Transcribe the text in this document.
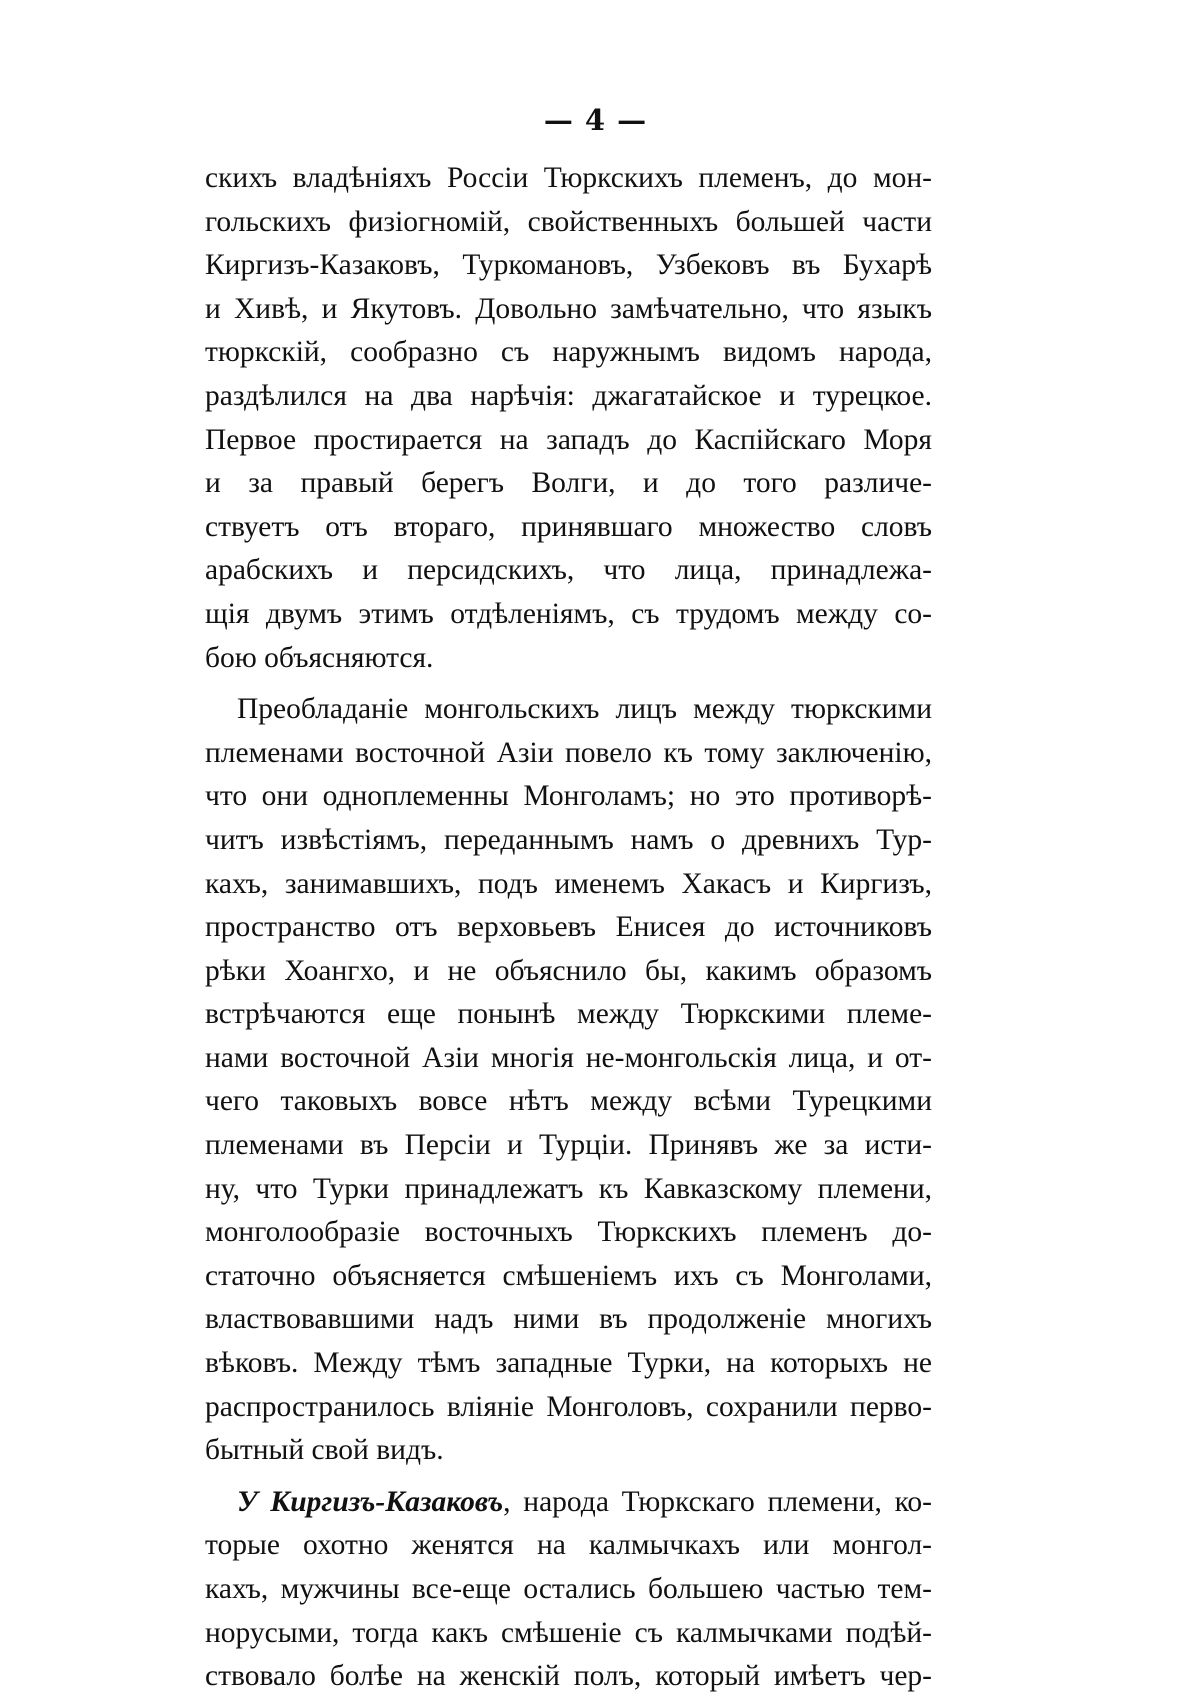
— 4 —
скихъ владѣніяхъ Россіи Тюркскихъ племенъ, до мон-
гольскихъ физіогномій, свойственныхъ большей части
Киргизъ-Казаковъ, Туркомановъ, Узбековъ въ Бухарѣ
и Хивѣ, и Якутовъ. Довольно замѣчательно, что языкъ
тюркскій, сообразно съ наружнымъ видомъ народа,
раздѣлился на два нарѣчія: джагатайское и турецкое.
Первое простирается на западъ до Каспійскаго Моря
и за правый берегъ Волги, и до того различе-
ствуетъ отъ втораго, принявшаго множество словъ
арабскихъ и персидскихъ, что лица, принадлежа-
щія двумъ этимъ отдѣленіямъ, съ трудомъ между со-
бою объясняются.
Преобладаніе монгольскихъ лицъ между тюркскими
племенами восточной Азіи повело къ тому заключенію,
что они одноплеменны Монголамъ; но это противорѣ-
читъ извѣстіямъ, переданнымъ намъ о древнихъ Тур-
кахъ, занимавшихъ, подъ именемъ Хакасъ и Киргизъ,
пространство отъ верховьевъ Енисея до источниковъ
рѣки Хоангхо, и не объяснило бы, какимъ образомъ
встрѣчаются еще понынѣ между Тюркскими племе-
нами восточной Азіи многія не-монгольскія лица, и от-
чего таковыхъ вовсе нѣтъ между всѣми Турецкими
племенами въ Персіи и Турціи. Принявъ же за исти-
ну, что Турки принадлежатъ къ Кавказскому племени,
монголообразіе восточныхъ Тюркскихъ племенъ до-
статочно объясняется смѣшеніемъ ихъ съ Монголами,
властвовавшими надъ ними въ продолженіе многихъ
вѣковъ. Между тѣмъ западные Турки, на которыхъ не
распространилось вліяніе Монголовъ, сохранили перво-
бытный свой видъ.
У Киргизъ-Казаковъ, народа Тюркскаго племени, ко-
торые охотно женятся на калмычкахъ или монгол-
кахъ, мужчины все-еще остались большею частью тем-
норусыми, тогда какъ смѣшеніе съ калмычками подѣй-
ствовало болѣе на женскій полъ, который имѣетъ чер-
